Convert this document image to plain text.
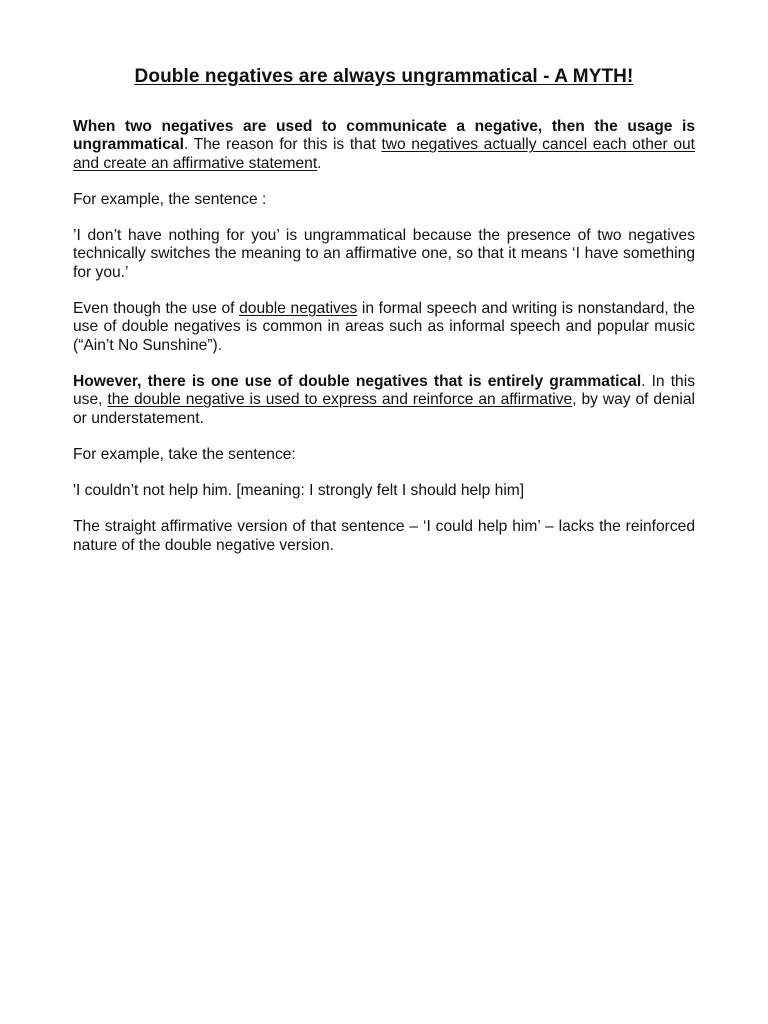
Double negatives are always ungrammatical - A MYTH!

When two negatives are used to communicate a negative, then the usage is ungrammatical. The reason for this is that two negatives actually cancel each other out and create an affirmative statement.

For example, the sentence :

’I don’t have nothing for you’ is ungrammatical because the presence of two negatives technically switches the meaning to an affirmative one, so that it means ‘I have something for you.’

Even though the use of double negatives in formal speech and writing is nonstandard, the use of double negatives is common in areas such as informal speech and popular music (“Ain’t No Sunshine”).

However, there is one use of double negatives that is entirely grammatical. In this use, the double negative is used to express and reinforce an affirmative, by way of denial or understatement.

For example, take the sentence:

'I couldn’t not help him. [meaning: I strongly felt I should help him]

The straight affirmative version of that sentence – ‘I could help him’ – lacks the reinforced nature of the double negative version.
